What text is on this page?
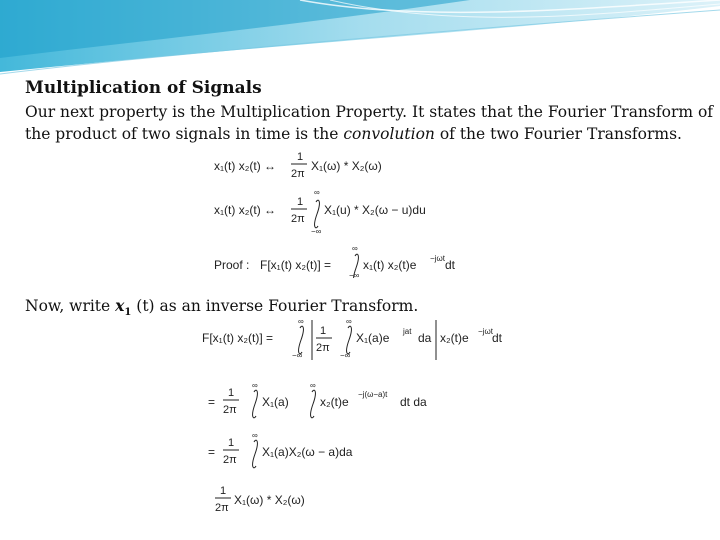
Multiplication of Signals
Our next property is the Multiplication Property. It states that the Fourier Transform of the product of two signals in time is the convolution of the two Fourier Transforms.
x₁(t) x₂(t) ↔
1
2π
X₁(ω) * X₂(ω)
x₁(t) x₂(t) ↔
1
2π
∞
−∞
X₁(u) * X₂(ω − u)du
Proof : F[x₁(t) x₂(t)] =
∞
−∞
x₁(t) x₂(t)e −jωt dt
Now, write $x_1$ (t) as an inverse Fourier Transform.
F[x₁(t) x₂(t)] =
∞
−∞
1
2π
∞
−∞
X₁(a)e jat da x₂(t)e −jωt dt
=
1
2π
∞
X₁(a)
∞
x₂(t)e
−j(ω−a)t
dt da
=
1
2π
∞
X₁(a)X₂(ω − a)da
1
2π
X₁(ω) * X₂(ω)
